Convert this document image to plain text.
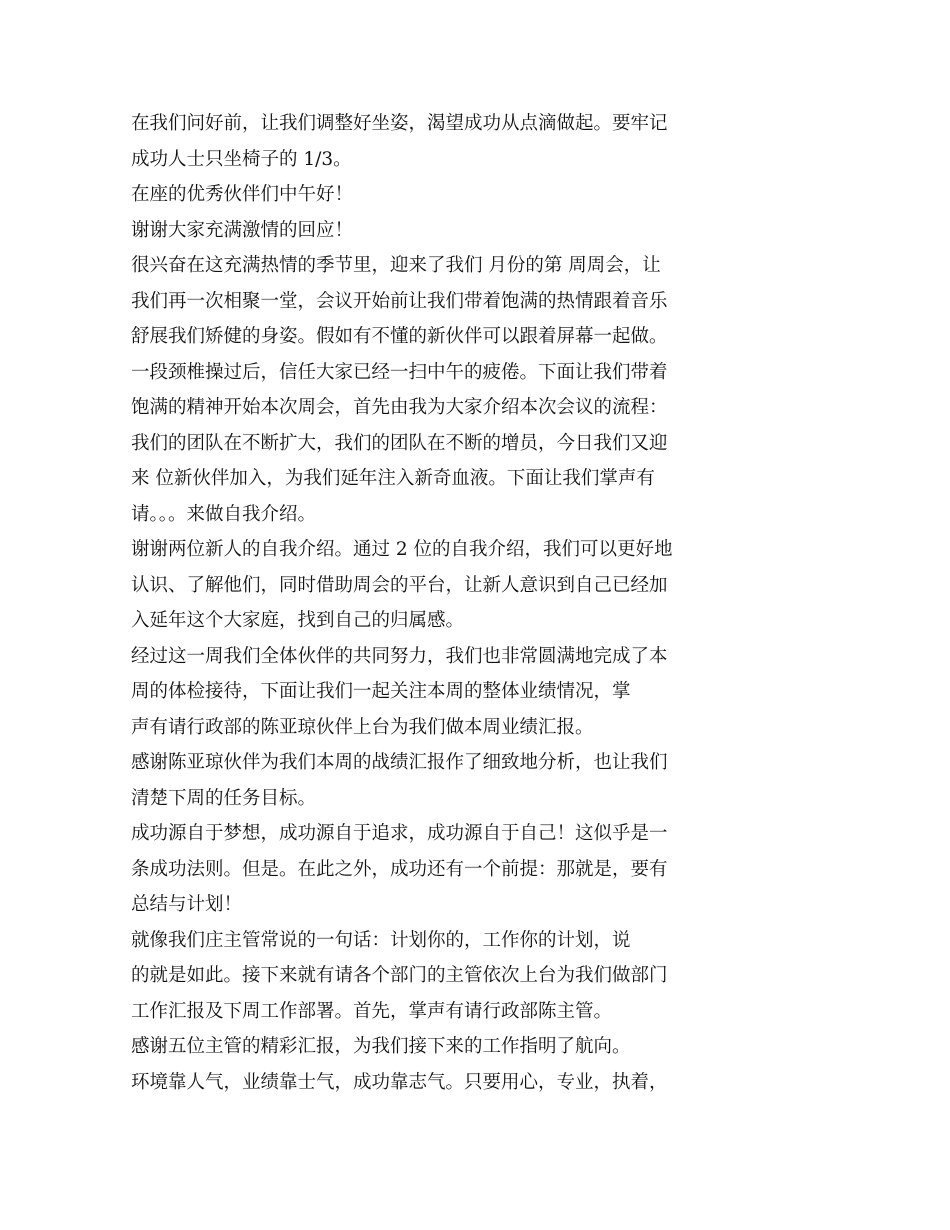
在我们问好前，让我们调整好坐姿，渴望成功从点滴做起。要牢记
成功人士只坐椅子的 1/3。
在座的优秀伙伴们中午好！
谢谢大家充满激情的回应！
很兴奋在这充满热情的季节里，迎来了我们 月份的第 周周会，让
我们再一次相聚一堂，会议开始前让我们带着饱满的热情跟着音乐
舒展我们矫健的身姿。假如有不懂的新伙伴可以跟着屏幕一起做。
一段颈椎操过后，信任大家已经一扫中午的疲倦。下面让我们带着
饱满的精神开始本次周会，首先由我为大家介绍本次会议的流程：
我们的团队在不断扩大，我们的团队在不断的增员，今日我们又迎
来 位新伙伴加入，为我们延年注入新奇血液。下面让我们掌声有
请。。。来做自我介绍。
谢谢两位新人的自我介绍。通过 2 位的自我介绍，我们可以更好地
认识、了解他们，同时借助周会的平台，让新人意识到自己已经加
入延年这个大家庭，找到自己的归属感。
经过这一周我们全体伙伴的共同努力，我们也非常圆满地完成了本
周的体检接待，下面让我们一起关注本周的整体业绩情况，掌
声有请行政部的陈亚琼伙伴上台为我们做本周业绩汇报。
感谢陈亚琼伙伴为我们本周的战绩汇报作了细致地分析，也让我们
清楚下周的任务目标。
成功源自于梦想，成功源自于追求，成功源自于自己！这似乎是一
条成功法则。但是。在此之外，成功还有一个前提：那就是，要有
总结与计划！
就像我们庄主管常说的一句话：计划你的，工作你的计划，说
的就是如此。接下来就有请各个部门的主管依次上台为我们做部门
工作汇报及下周工作部署。首先，掌声有请行政部陈主管。
感谢五位主管的精彩汇报，为我们接下来的工作指明了航向。
环境靠人气，业绩靠士气，成功靠志气。只要用心，专业，执着，
